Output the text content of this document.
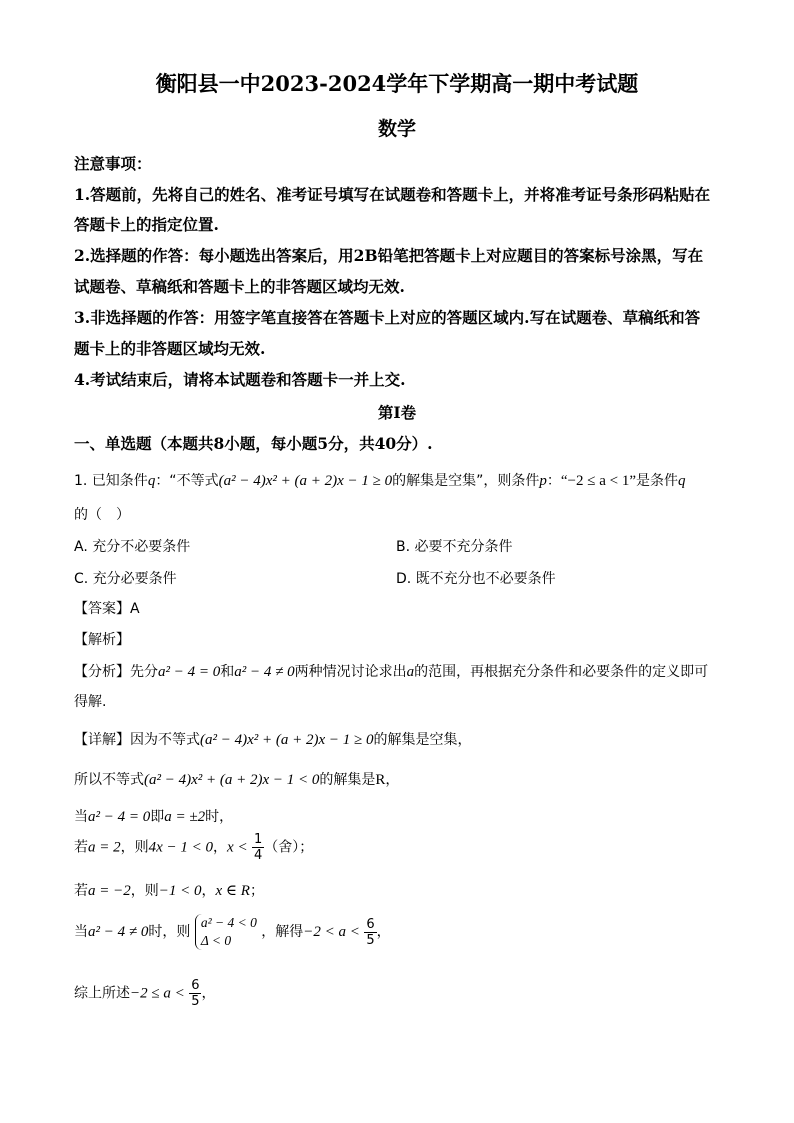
衡阳县一中2023-2024学年下学期高一期中考试题
数学
注意事项：
1.答题前，先将自己的姓名、准考证号填写在试题卷和答题卡上，并将准考证号条形码粘贴在
答题卡上的指定位置.
2.选择题的作答：每小题选出答案后，用2B铅笔把答题卡上对应题目的答案标号涂黑，写在
试题卷、草稿纸和答题卡上的非答题区域均无效.
3.非选择题的作答：用签字笔直接答在答题卡上对应的答题区域内.写在试题卷、草稿纸和答
题卡上的非答题区域均无效.
4.考试结束后，请将本试题卷和答题卡一并上交.
第I卷
一、单选题（本题共8小题，每小题5分，共40分）.
1. 已知条件q：“不等式(a² − 4)x² + (a + 2)x − 1 ≥ 0的解集是空集”，则条件p：“−2 ≤ a < 1”是条件q
的（　）
A. 充分不必要条件	B. 必要不充分条件
C. 充分必要条件	D. 既不充分也不必要条件
【答案】A
【解析】
【分析】先分a² − 4 = 0和a² − 4 ≠ 0两种情况讨论求出a的范围，再根据充分条件和必要条件的定义即可
得解.
【详解】因为不等式(a² − 4)x² + (a + 2)x − 1 ≥ 0的解集是空集，
所以不等式(a² − 4)x² + (a + 2)x − 1 < 0的解集是R，
当a² − 4 = 0即a = ±2时，
若a = 2，则4x − 1 < 0，$x < \frac{1}{4}$ （舍）；
若a = −2，则−1 < 0，x ∈ R；
当a² − 4 ≠ 0时，则
a² − 4 < 0
Δ < 0
，解得$-2 < a < \frac{6}{5}$ ，
综上所述$-2 \le a < \frac{6}{5}$ ，
